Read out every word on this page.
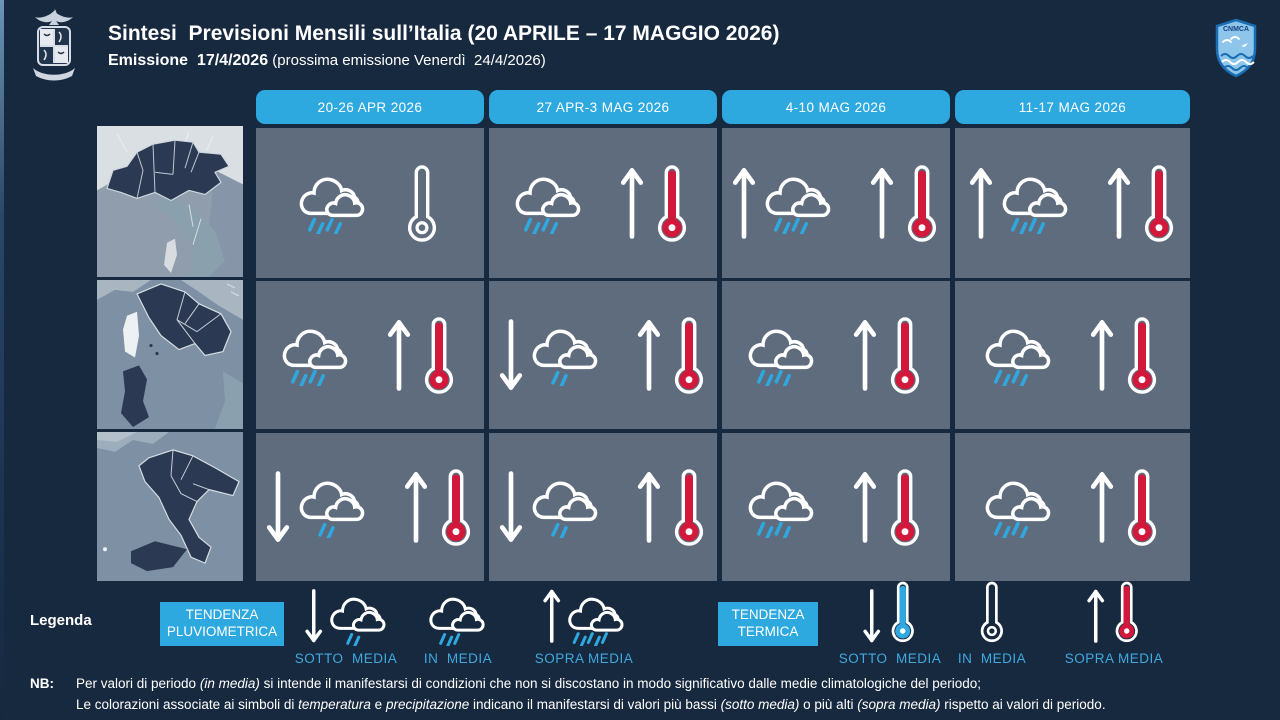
Sintesi  Previsioni Mensili sull’Italia (20 APRILE – 17 MAGGIO 2026)
Emissione  17/4/2026 (prossima emissione Venerdì  24/4/2026)
CNMCA
20-26 APR 2026	27 APR-3 MAG 2026	4-10 MAG 2026	11-17 MAG 2026
Legenda	TENDENZA
PLUVIOMETRICA
SOTTO  MEDIA IN  MEDIA	SOPRA MEDIA
TENDENZA
TERMICA
SOTTO  MEDIA IN  MEDIA	SOPRA MEDIA
NB:	Per valori di periodo (in media) si intende il manifestarsi di condizioni che non si discostano in modo significativo dalle medie climatologiche del periodo;
Le colorazioni associate ai simboli di temperatura e precipitazione indicano il manifestarsi di valori più bassi (sotto media) o più alti (sopra media) rispetto ai valori di periodo.
